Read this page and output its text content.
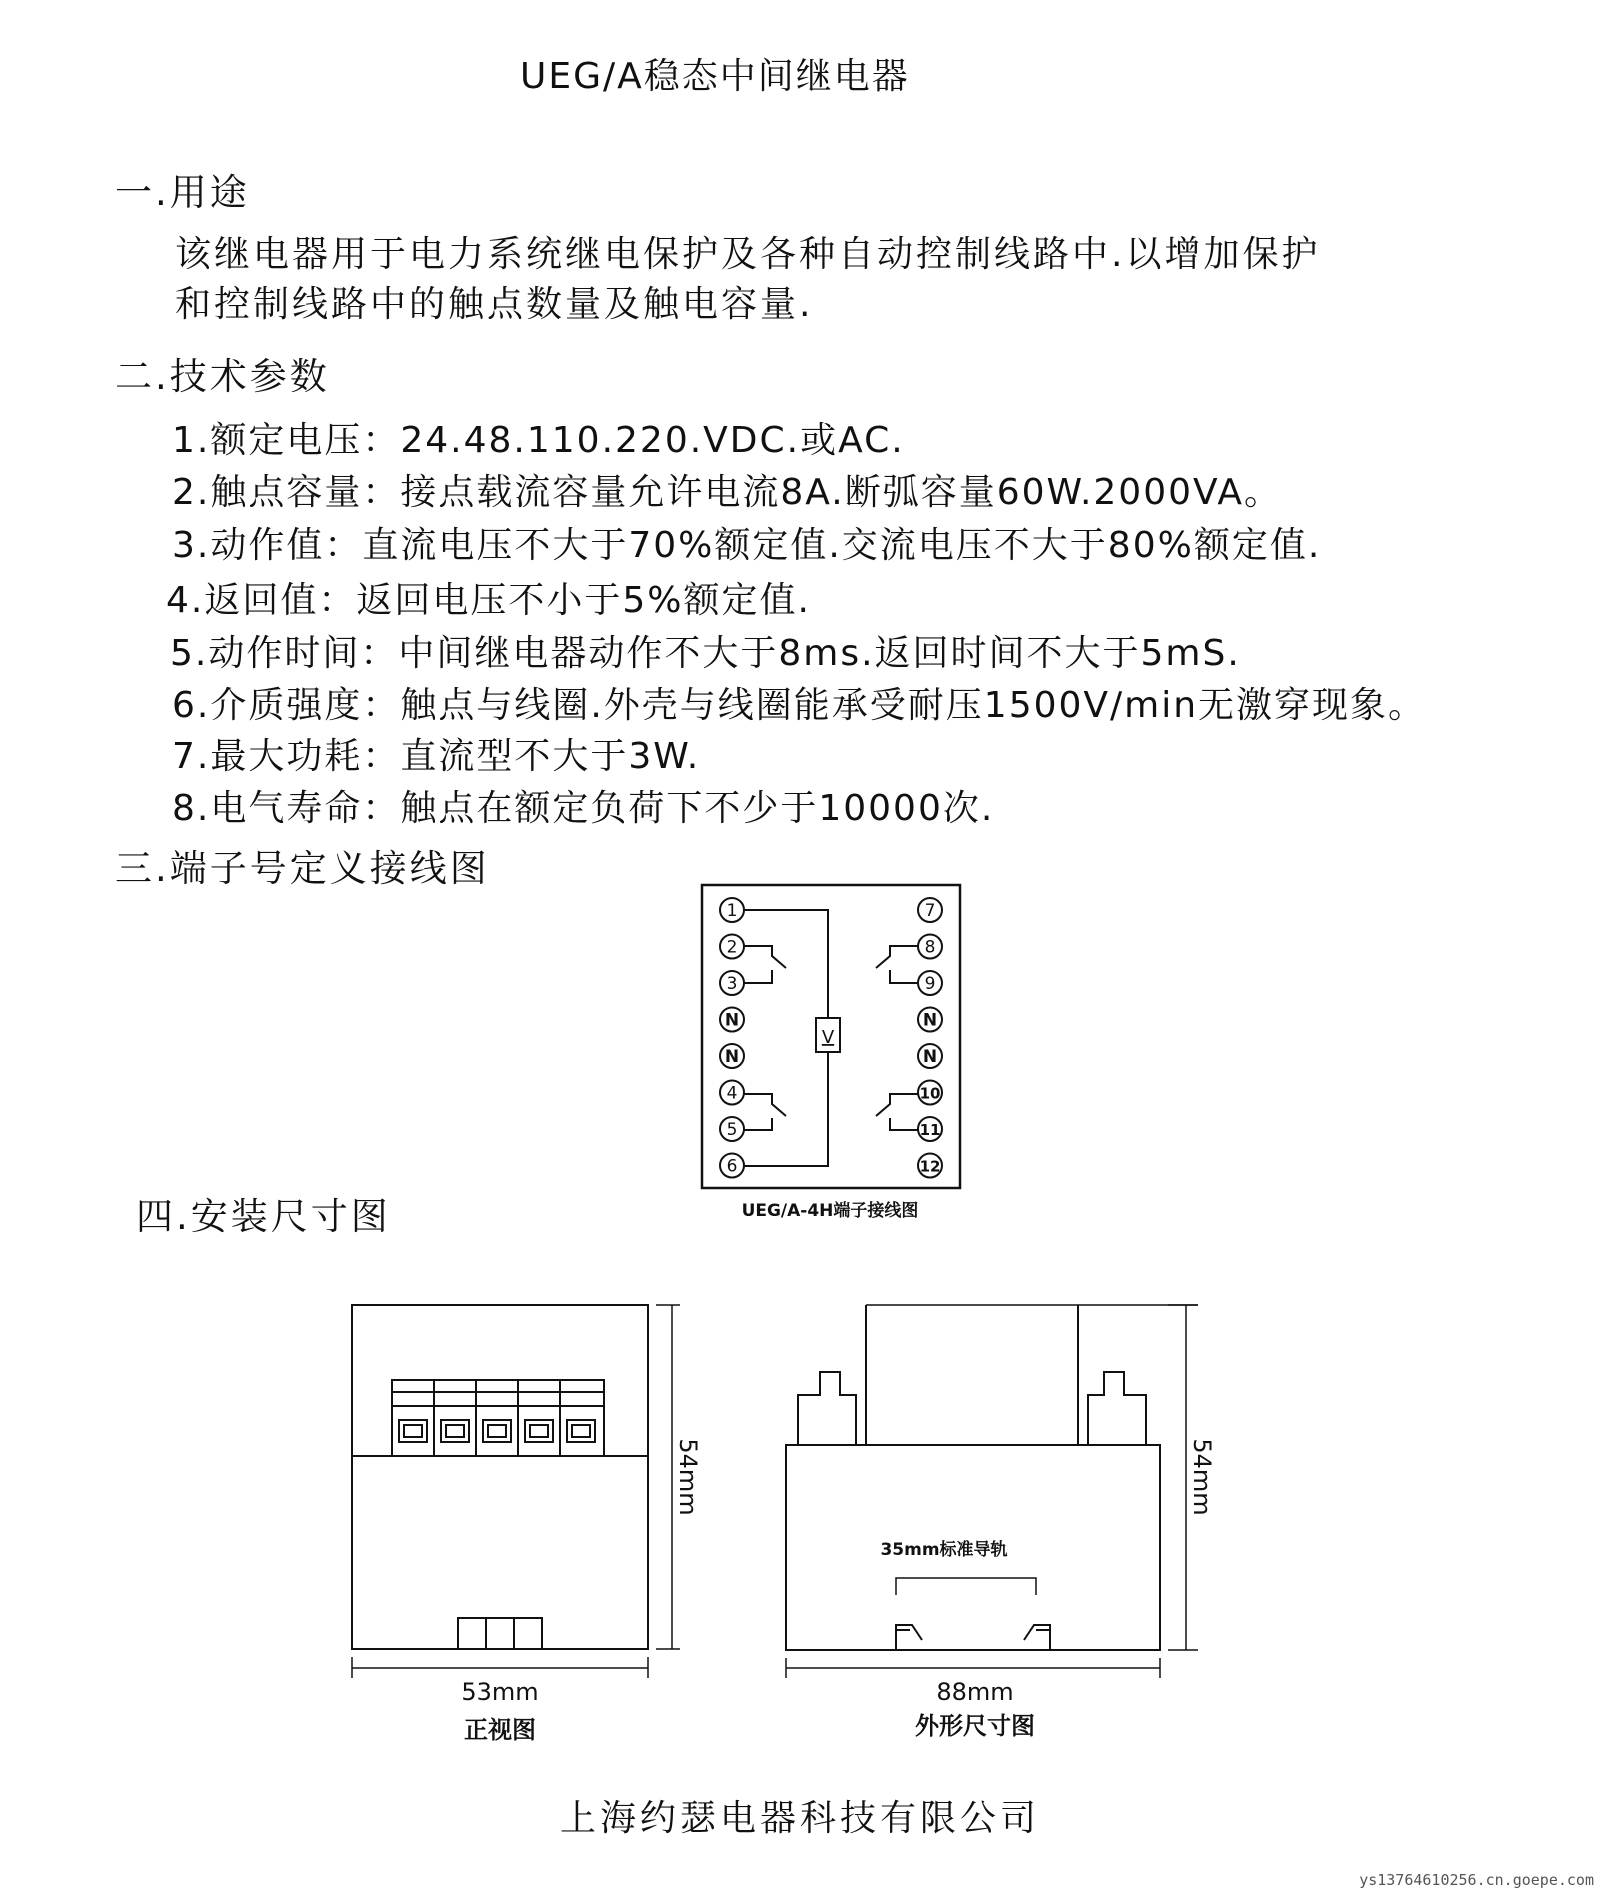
UEG/A稳态中间继电器
一.用途
该继电器用于电力系统继电保护及各种自动控制线路中.以增加保护
和控制线路中的触点数量及触电容量.
二.技术参数
1.额定电压：24.48.110.220.VDC.或AC.
2.触点容量：接点载流容量允许电流8A.断弧容量60W.2000VA。
3.动作值：直流电压不大于70%额定值.交流电压不大于80%额定值.
4.返回值：返回电压不小于5%额定值.
5.动作时间：中间继电器动作不大于8ms.返回时间不大于5mS.
6.介质强度：触点与线圈.外壳与线圈能承受耐压1500V/min无激穿现象。
7.最大功耗：直流型不大于3W.
8.电气寿命：触点在额定负荷下不少于10000次.
三.端子号定义接线图
V
1
2
3
N
N
4
5
6
7
8
9
N
N
10
11
12
UEG/A-4H端子接线图
54mm
53mm
正视图
35mm标准导轨
54mm
88mm
外形尺寸图
四.安装尺寸图
上海约瑟电器科技有限公司
ys13764610256.cn.goepe.com
